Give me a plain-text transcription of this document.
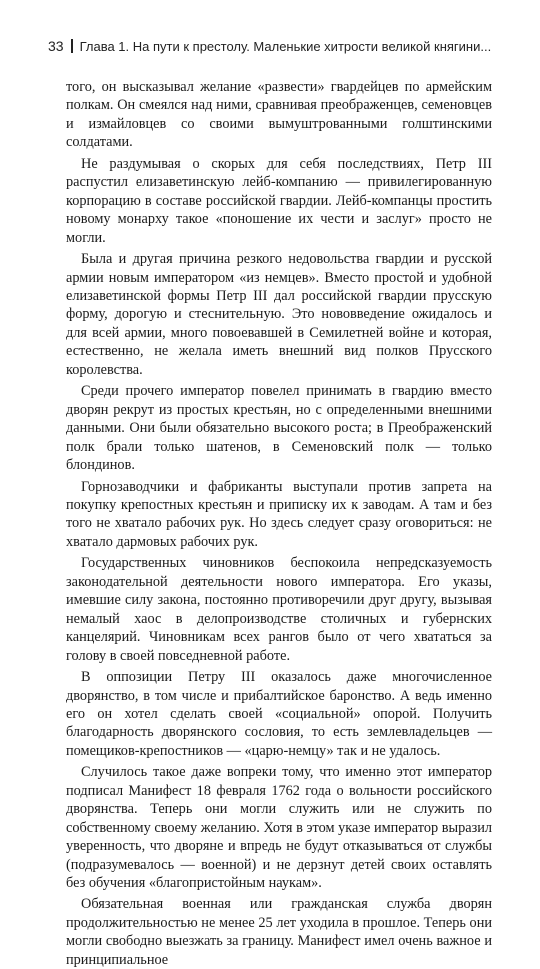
33 Глава 1. На пути к престолу. Маленькие хитрости великой княгини...

того, он высказывал желание «развести» гвардейцев по армейским полкам. Он смеялся над ними, сравнивая преображенцев, семеновцев и измайловцев со своими вымуштрованными голштинскими солдатами.

Не раздумывая о скорых для себя последствиях, Петр III распустил елизаветинскую лейб-компанию — привилегированную корпорацию в составе российской гвардии. Лейб-компанцы простить новому монарху такое «поношение их чести и заслуг» просто не могли.

Была и другая причина резкого недовольства гвардии и русской армии новым императором «из немцев». Вместо простой и удобной елизаветинской формы Петр III дал российской гвардии прусскую форму, дорогую и стеснительную. Это нововведение ожидалось и для всей армии, много повоевавшей в Семилетней войне и которая, естественно, не желала иметь внешний вид полков Прусского королевства.

Среди прочего император повелел принимать в гвардию вместо дворян рекрут из простых крестьян, но с определенными внешними данными. Они были обязательно высокого роста; в Преображенский полк брали только шатенов, в Семеновский полк — только блондинов.

Горнозаводчики и фабриканты выступали против запрета на покупку крепостных крестьян и приписку их к заводам. А там и без того не хватало рабочих рук. Но здесь следует сразу оговориться: не хватало дармовых рабочих рук.

Государственных чиновников беспокоила непредсказуемость законодательной деятельности нового императора. Его указы, имевшие силу закона, постоянно противоречили друг другу, вызывая немалый хаос в делопроизводстве столичных и губернских канцелярий. Чиновникам всех рангов было от чего хвататься за голову в своей повседневной работе.

В оппозиции Петру III оказалось даже многочисленное дворянство, в том числе и прибалтийское баронство. А ведь именно его он хотел сделать своей «социальной» опорой. Получить благодарность дворянского сословия, то есть землевладельцев — помещиков-крепостников — «царю-немцу» так и не удалось.

Случилось такое даже вопреки тому, что именно этот император подписал Манифест 18 февраля 1762 года о вольности российского дворянства. Теперь они могли служить или не служить по собственному своему желанию. Хотя в этом указе император выразил уверенность, что дворяне и впредь не будут отказываться от службы (подразумевалось — военной) и не дерзнут детей своих оставлять без обучения «благопристойным наукам».

Обязательная военная или гражданская служба дворян продолжительностью не менее 25 лет уходила в прошлое. Теперь они могли свободно выезжать за границу. Манифест имел очень важное и принципиальное
